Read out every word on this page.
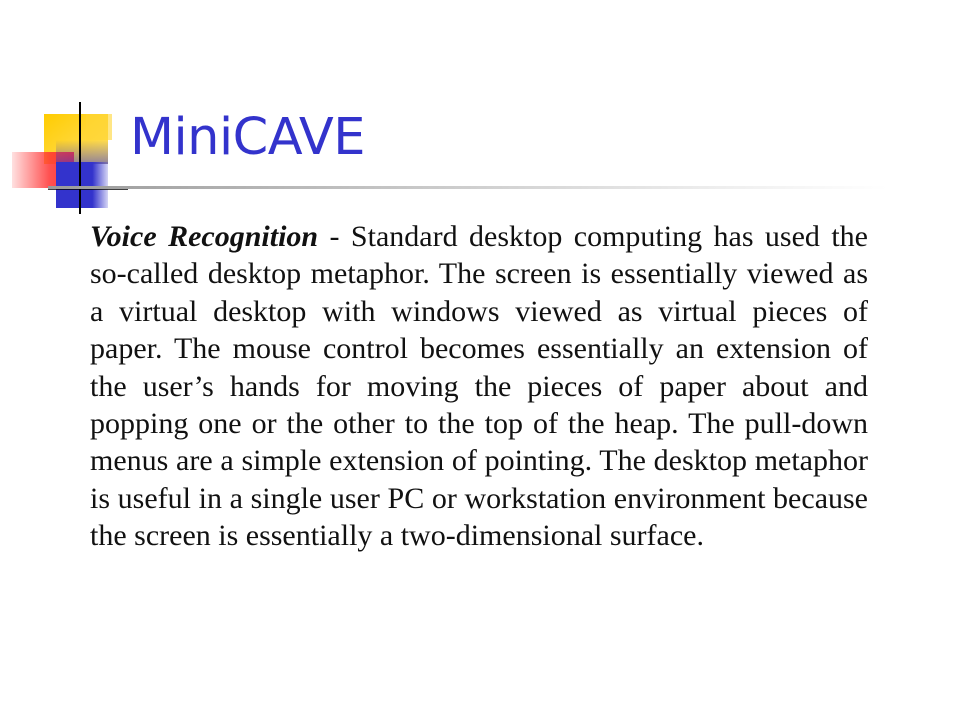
MiniCAVE

Voice Recognition - Standard desktop computing has used the so-called desktop metaphor. The screen is essentially viewed as a virtual desktop with windows viewed as virtual pieces of paper. The mouse control becomes essentially an extension of the user’s hands for moving the pieces of paper about and popping one or the other to the top of the heap. The pull-down menus are a simple extension of pointing. The desktop metaphor is useful in a single user PC or workstation environment because the screen is essentially a two-dimensional surface.
